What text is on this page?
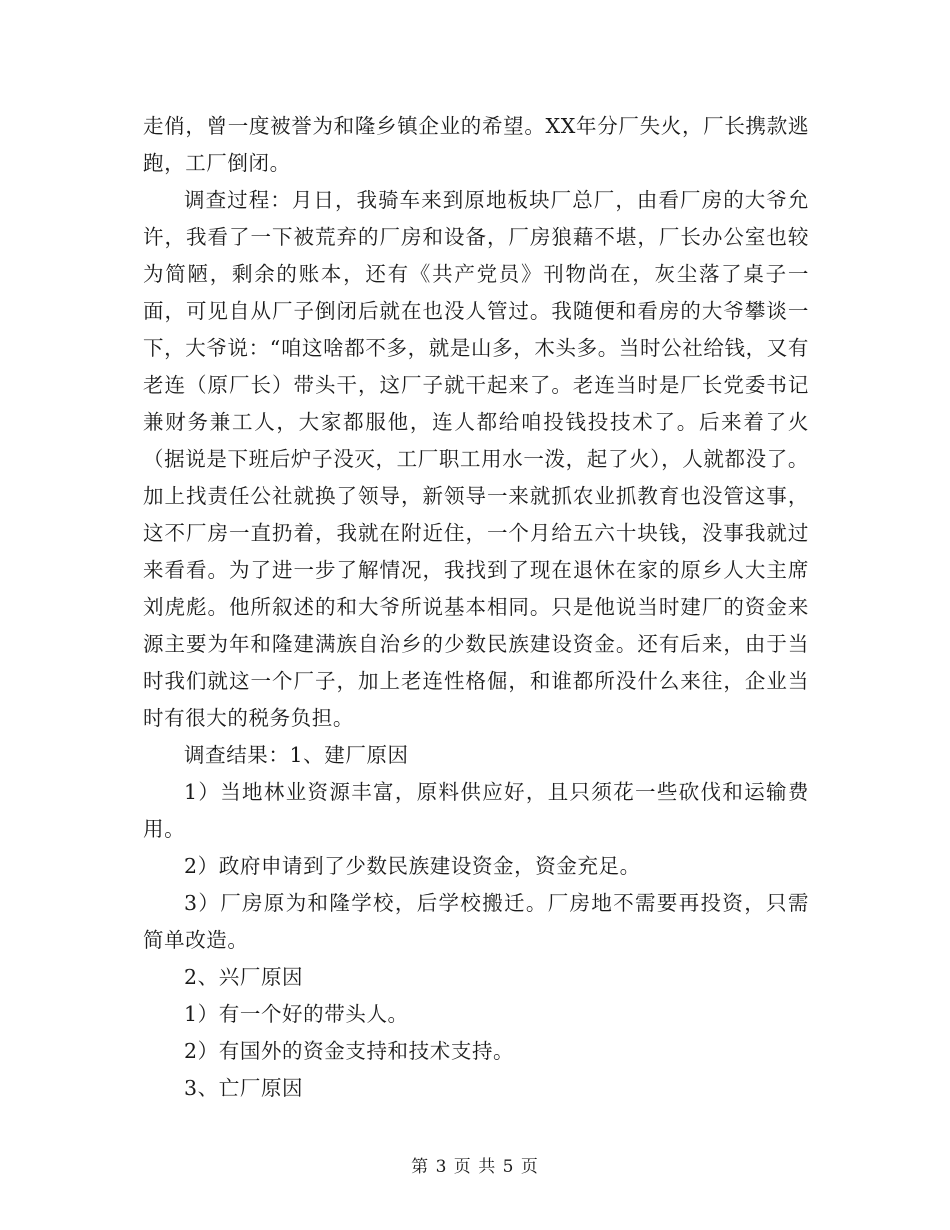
走俏，曾一度被誉为和隆乡镇企业的希望。XX年分厂失火，厂长携款逃跑，工厂倒闭。

调查过程：月日，我骑车来到原地板块厂总厂，由看厂房的大爷允许，我看了一下被荒弃的厂房和设备，厂房狼藉不堪，厂长办公室也较为简陋，剩余的账本，还有《共产党员》刊物尚在，灰尘落了桌子一面，可见自从厂子倒闭后就在也没人管过。我随便和看房的大爷攀谈一下，大爷说：“咱这啥都不多，就是山多，木头多。当时公社给钱，又有老连（原厂长）带头干，这厂子就干起来了。老连当时是厂长党委书记兼财务兼工人，大家都服他，连人都给咱投钱投技术了。后来着了火（据说是下班后炉子没灭，工厂职工用水一泼，起了火），人就都没了。加上找责任公社就换了领导，新领导一来就抓农业抓教育也没管这事，这不厂房一直扔着，我就在附近住，一个月给五六十块钱，没事我就过来看看。为了进一步了解情况，我找到了现在退休在家的原乡人大主席刘虎彪。他所叙述的和大爷所说基本相同。只是他说当时建厂的资金来源主要为年和隆建满族自治乡的少数民族建设资金。还有后来，由于当时我们就这一个厂子，加上老连性格倔，和谁都所没什么来往，企业当时有很大的税务负担。

调查结果：1、建厂原因

1）当地林业资源丰富，原料供应好，且只须花一些砍伐和运输费用。

2）政府申请到了少数民族建设资金，资金充足。

3）厂房原为和隆学校，后学校搬迁。厂房地不需要再投资，只需简单改造。

2、兴厂原因

1）有一个好的带头人。

2）有国外的资金支持和技术支持。

3、亡厂原因

第 3 页 共 5 页
